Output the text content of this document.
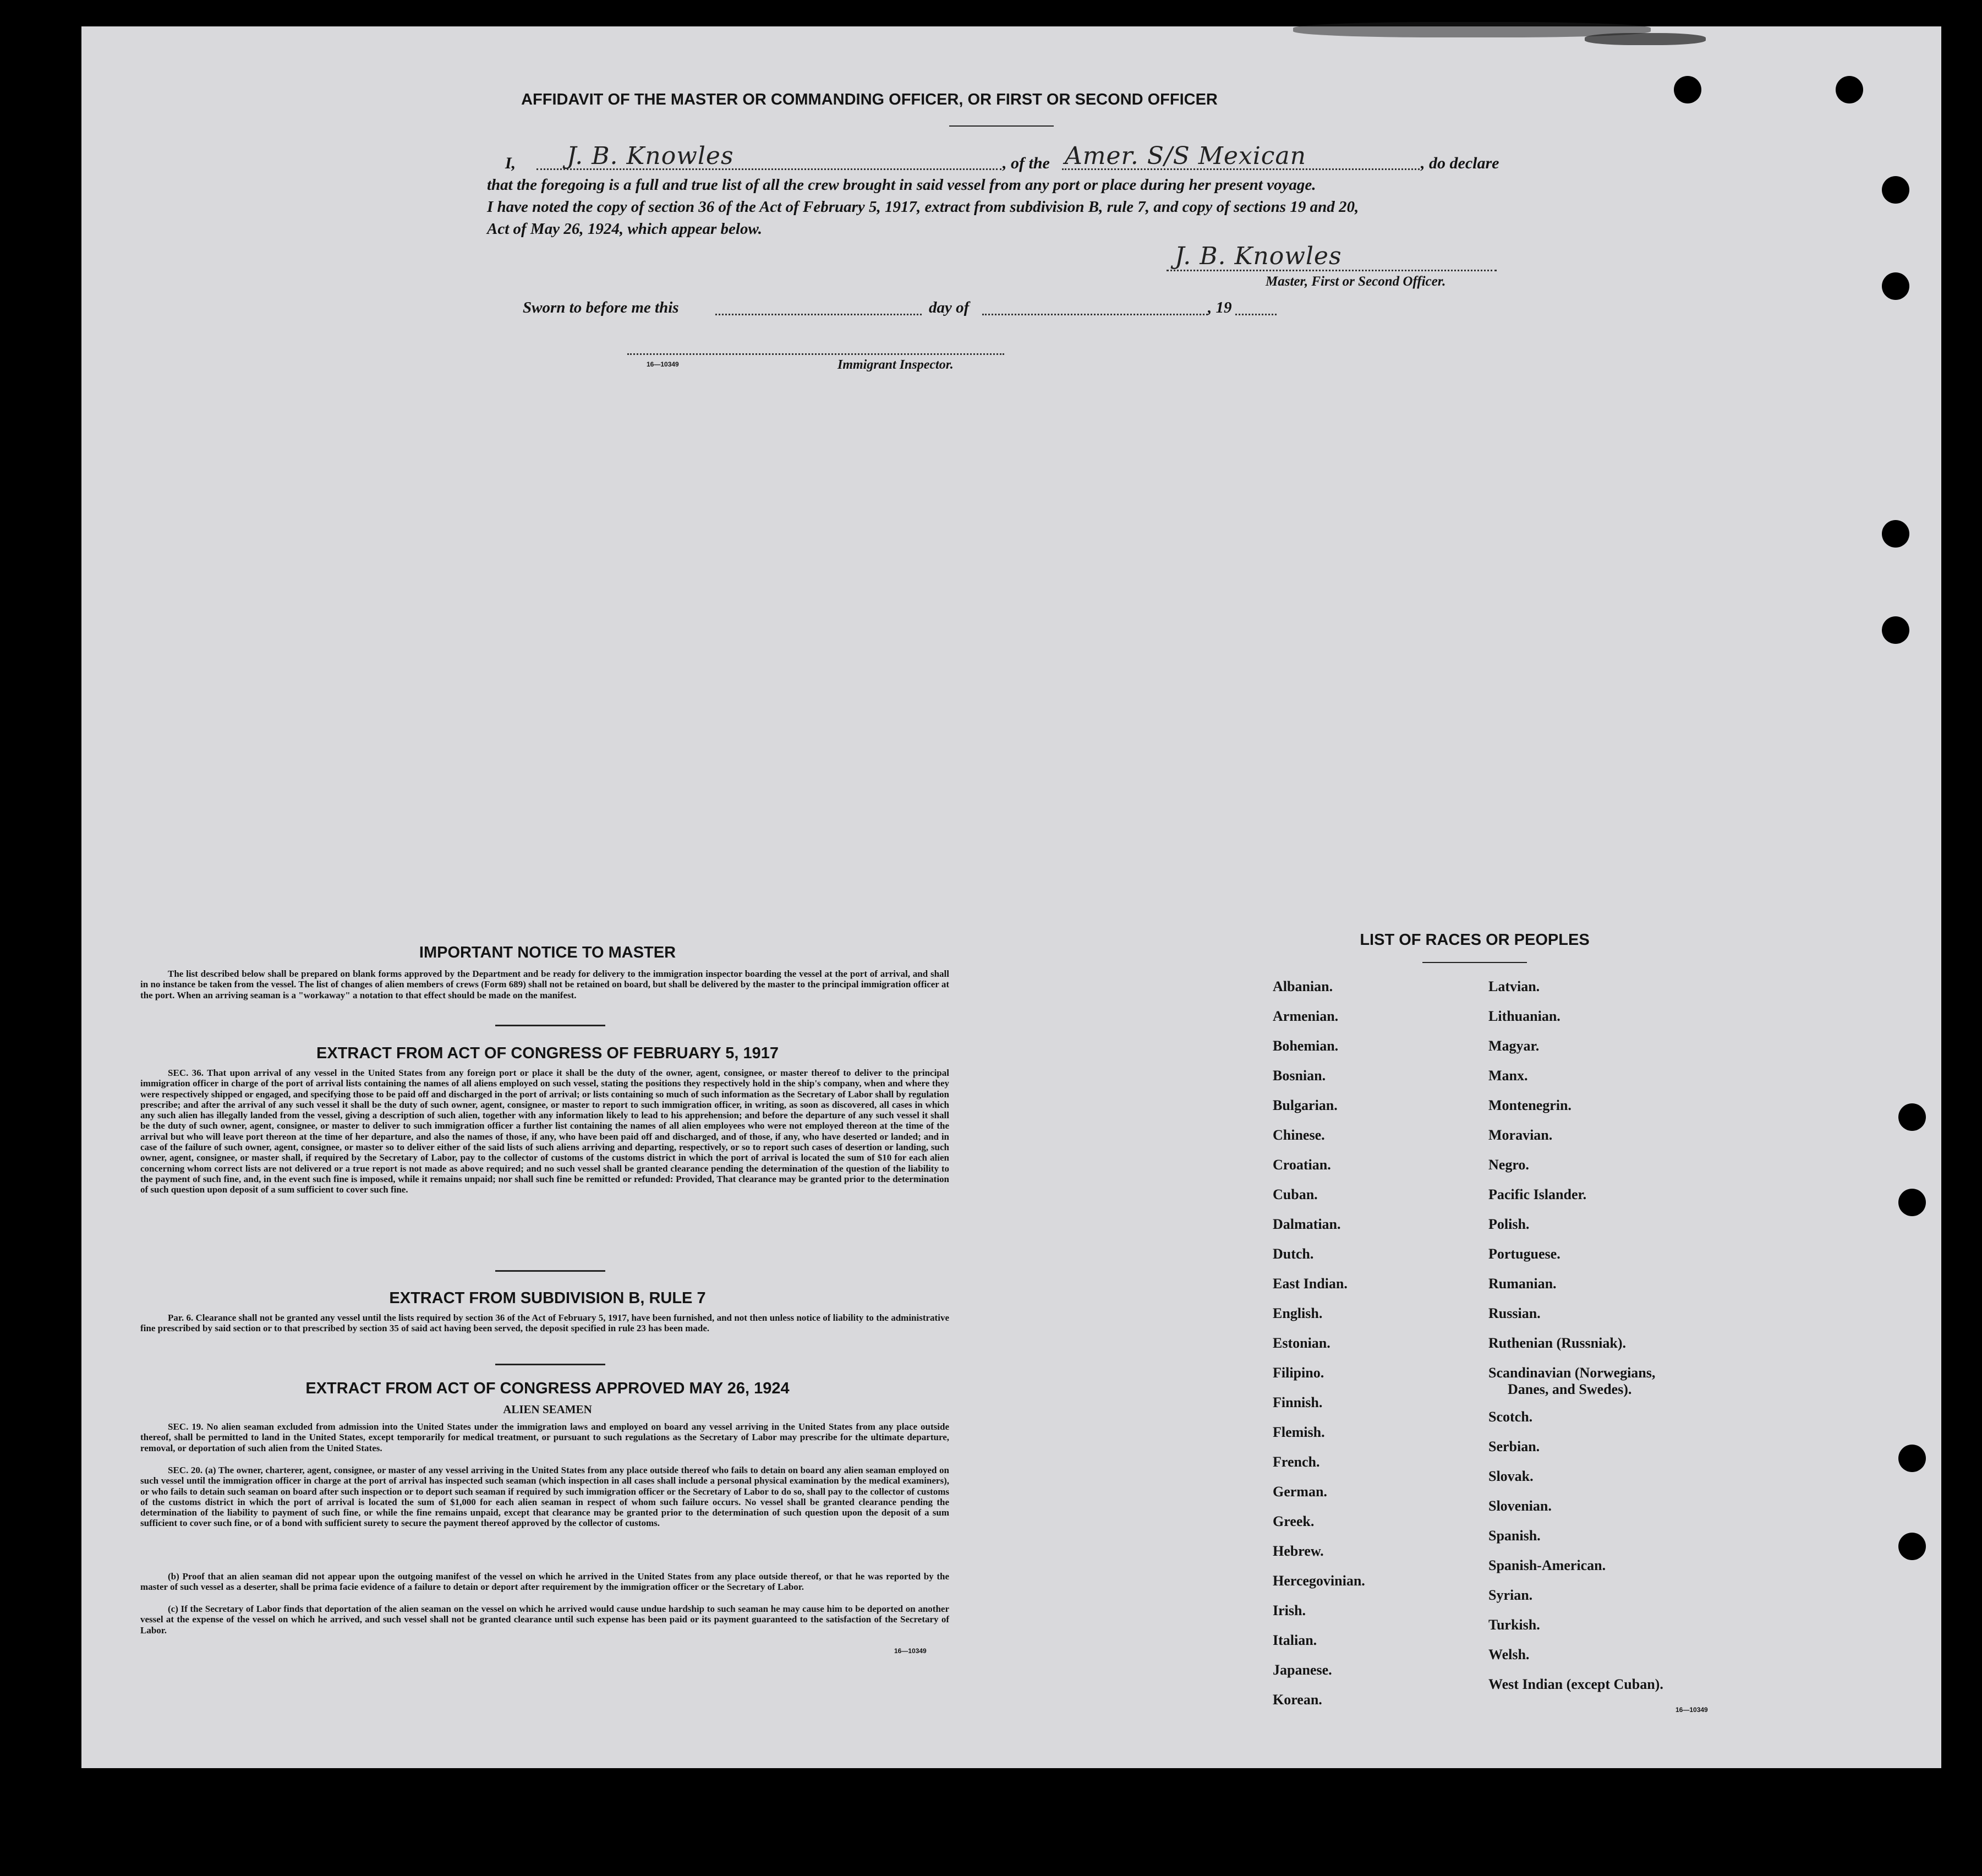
AFFIDAVIT OF THE MASTER OR COMMANDING OFFICER, OR FIRST OR SECOND OFFICER
I, J. B. Knowles	, of the Amer. S/S Mexican	, do declare
that the foregoing is a full and true list of all the crew brought in said vessel from any port or place during her present voyage.
I have noted the copy of section 36 of the Act of February 5, 1917, extract from subdivision B, rule 7, and copy of sections 19 and 20,
Act of May 26, 1924, which appear below.
J. B. Knowles
Master, First or Second Officer.
Sworn to before me this	day of	, 19
16—10349	Immigrant Inspector.
IMPORTANT NOTICE TO MASTER
The list described below shall be prepared on blank forms approved by the Department and be ready for delivery to the immigration inspector boarding the vessel at the port of arrival, and shall in no instance be taken from the vessel. The list of changes of alien members of crews (Form 689) shall not be retained on board, but shall be delivered by the master to the principal immigration officer at the port. When an arriving seaman is a "workaway" a notation to that effect should be made on the manifest.
EXTRACT FROM ACT OF CONGRESS OF FEBRUARY 5, 1917
SEC. 36. That upon arrival of any vessel in the United States from any foreign port or place it shall be the duty of the owner, agent, consignee, or master thereof to deliver to the principal immigration officer in charge of the port of arrival lists containing the names of all aliens employed on such vessel, stating the positions they respectively hold in the ship's company, when and where they were respectively shipped or engaged, and specifying those to be paid off and discharged in the port of arrival; or lists containing so much of such information as the Secretary of Labor shall by regulation prescribe; and after the arrival of any such vessel it shall be the duty of such owner, agent, consignee, or master to report to such immigration officer, in writing, as soon as discovered, all cases in which any such alien has illegally landed from the vessel, giving a description of such alien, together with any information likely to lead to his apprehension; and before the departure of any such vessel it shall be the duty of such owner, agent, consignee, or master to deliver to such immigration officer a further list containing the names of all alien employees who were not employed thereon at the time of the arrival but who will leave port thereon at the time of her departure, and also the names of those, if any, who have been paid off and discharged, and of those, if any, who have deserted or landed; and in case of the failure of such owner, agent, consignee, or master so to deliver either of the said lists of such aliens arriving and departing, respectively, or so to report such cases of desertion or landing, such owner, agent, consignee, or master shall, if required by the Secretary of Labor, pay to the collector of customs of the customs district in which the port of arrival is located the sum of $10 for each alien concerning whom correct lists are not delivered or a true report is not made as above required; and no such vessel shall be granted clearance pending the determination of the question of the liability to the payment of such fine, and, in the event such fine is imposed, while it remains unpaid; nor shall such fine be remitted or refunded: Provided, That clearance may be granted prior to the determination of such question upon deposit of a sum sufficient to cover such fine.
EXTRACT FROM SUBDIVISION B, RULE 7
Par. 6. Clearance shall not be granted any vessel until the lists required by section 36 of the Act of February 5, 1917, have been furnished, and not then unless notice of liability to the administrative fine prescribed by said section or to that prescribed by section 35 of said act having been served, the deposit specified in rule 23 has been made.
EXTRACT FROM ACT OF CONGRESS APPROVED MAY 26, 1924
ALIEN SEAMEN
SEC. 19. No alien seaman excluded from admission into the United States under the immigration laws and employed on board any vessel arriving in the United States from any place outside thereof, shall be permitted to land in the United States, except temporarily for medical treatment, or pursuant to such regulations as the Secretary of Labor may prescribe for the ultimate departure, removal, or deportation of such alien from the United States.
SEC. 20. (a) The owner, charterer, agent, consignee, or master of any vessel arriving in the United States from any place outside thereof who fails to detain on board any alien seaman employed on such vessel until the immigration officer in charge at the port of arrival has inspected such seaman (which inspection in all cases shall include a personal physical examination by the medical examiners), or who fails to detain such seaman on board after such inspection or to deport such seaman if required by such immigration officer or the Secretary of Labor to do so, shall pay to the collector of customs of the customs district in which the port of arrival is located the sum of $1,000 for each alien seaman in respect of whom such failure occurs. No vessel shall be granted clearance pending the determination of the liability to payment of such fine, or while the fine remains unpaid, except that clearance may be granted prior to the determination of such question upon the deposit of a sum sufficient to cover such fine, or of a bond with sufficient surety to secure the payment thereof approved by the collector of customs.
(b) Proof that an alien seaman did not appear upon the outgoing manifest of the vessel on which he arrived in the United States from any place outside thereof, or that he was reported by the master of such vessel as a deserter, shall be prima facie evidence of a failure to detain or deport after requirement by the immigration officer or the Secretary of Labor.
(c) If the Secretary of Labor finds that deportation of the alien seaman on the vessel on which he arrived would cause undue hardship to such seaman he may cause him to be deported on another vessel at the expense of the vessel on which he arrived, and such vessel shall not be granted clearance until such expense has been paid or its payment guaranteed to the satisfaction of the Secretary of Labor.
16—10349
LIST OF RACES OR PEOPLES
Albanian.
Armenian.
Bohemian.
Bosnian.
Bulgarian.
Chinese.
Croatian.
Cuban.
Dalmatian.
Dutch.
East Indian.
English.
Estonian.
Filipino.
Finnish.
Flemish.
French.
German.
Greek.
Hebrew.
Hercegovinian.
Irish.
Italian.
Japanese.
Korean.
Latvian.
Lithuanian.
Magyar.
Manx.
Montenegrin.
Moravian.
Negro.
Pacific Islander.
Polish.
Portuguese.
Rumanian.
Russian.
Ruthenian (Russniak).
Scandinavian (Norwegians,
Danes, and Swedes).
Scotch.
Serbian.
Slovak.
Slovenian.
Spanish.
Spanish-American.
Syrian.
Turkish.
Welsh.
West Indian (except Cuban).
16—10349
